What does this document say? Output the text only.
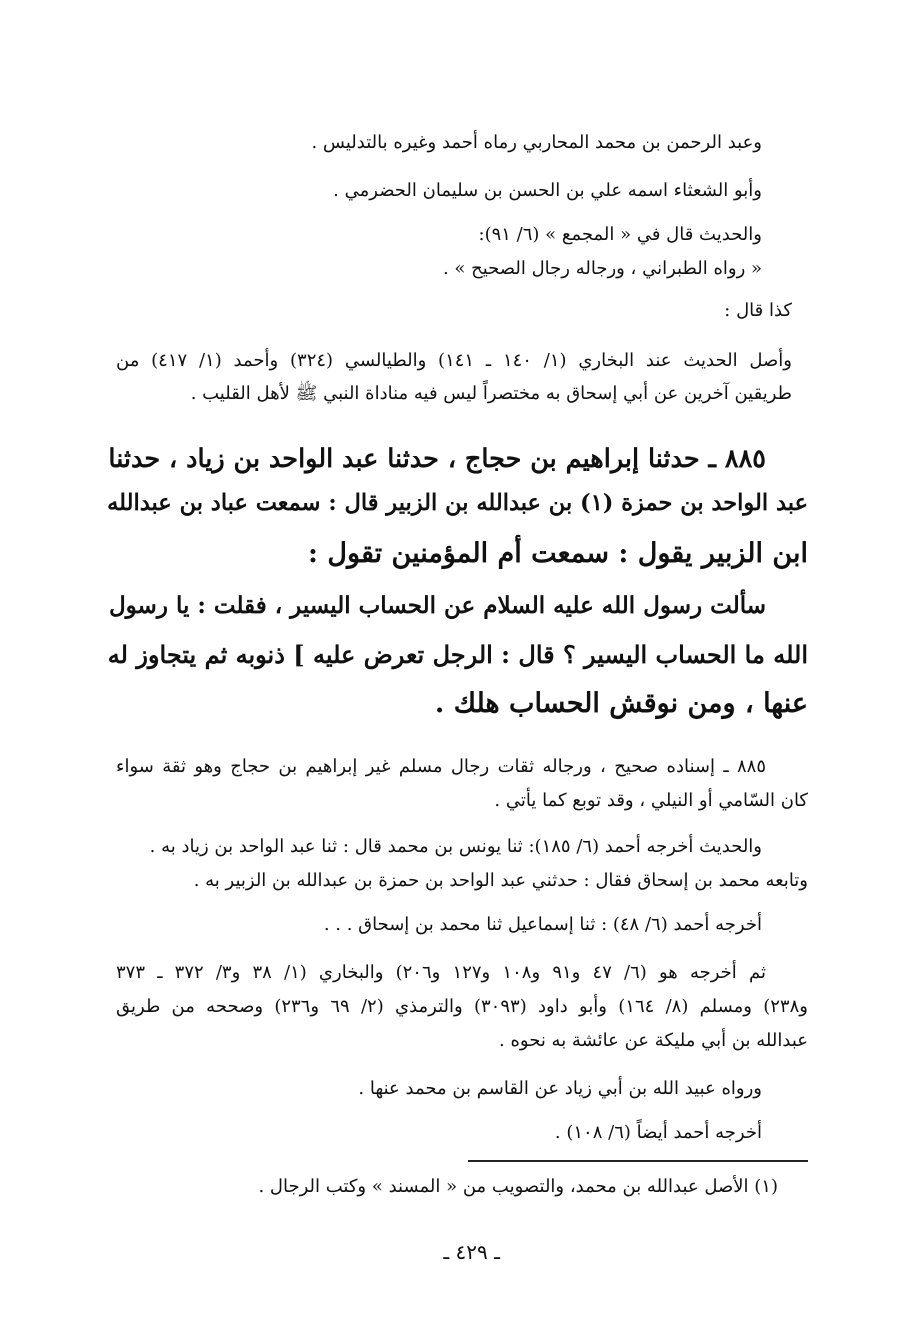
وعبد الرحمن بن محمد المحاربي رماه أحمد وغيره بالتدليس .
وأبو الشعثاء اسمه علي بن الحسن بن سليمان الحضرمي .
والحديث قال في « المجمع » (٦/ ٩١):
« رواه الطبراني ، ورجاله رجال الصحيح » .
كذا قال :
وأصل الحديث عند البخاري (١/ ١٤٠ ـ ١٤١) والطيالسي (٣٢٤) وأحمد (١/ ٤١٧) من
طريقين آخرين عن أبي إسحاق به مختصراً ليس فيه مناداة النبي ﷺ لأهل القليب .
٨٨٥ ـ حدثنا إبراهيم بن حجاج ، حدثنا عبد الواحد بن زياد ، حدثنا
عبد الواحد بن حمزة (١) بن عبدالله بن الزبير قال : سمعت عباد بن عبدالله
ابن الزبير يقول : سمعت أم المؤمنين تقول :
سألت رسول الله عليه السلام عن الحساب اليسير ، فقلت : يا رسول
الله ما الحساب اليسير ؟ قال : الرجل تعرض عليه ] ذنوبه ثم يتجاوز له
عنها ، ومن نوقش الحساب هلك .
٨٨٥ ـ إسناده صحيح ، ورجاله ثقات رجال مسلم غير إبراهيم بن حجاج وهو ثقة سواء
كان السّامي أو النيلي ، وقد توبع كما يأتي .
والحديث أخرجه أحمد (٦/ ١٨٥): ثنا يونس بن محمد قال : ثنا عبد الواحد بن زياد به .
وتابعه محمد بن إسحاق فقال : حدثني عبد الواحد بن حمزة بن عبدالله بن الزبير به .
أخرجه أحمد (٦/ ٤٨) : ثنا إسماعيل ثنا محمد بن إسحاق . . .
ثم أخرجه هو (٦/ ٤٧ و٩١ و١٠٨ و١٢٧ و٢٠٦) والبخاري (١/ ٣٨ و٣/ ٣٧٢ ـ ٣٧٣
و٢٣٨) ومسلم (٨/ ١٦٤) وأبو داود (٣٠٩٣) والترمذي (٢/ ٦٩ و٢٣٦) وصححه من طريق
عبدالله بن أبي مليكة عن عائشة به نحوه .
ورواه عبيد الله بن أبي زياد عن القاسم بن محمد عنها .
أخرجه أحمد أيضاً (٦/ ١٠٨) .
(١) الأصل عبدالله بن محمد، والتصويب من « المسند » وكتب الرجال .
ـ ٤٢٩ ـ
